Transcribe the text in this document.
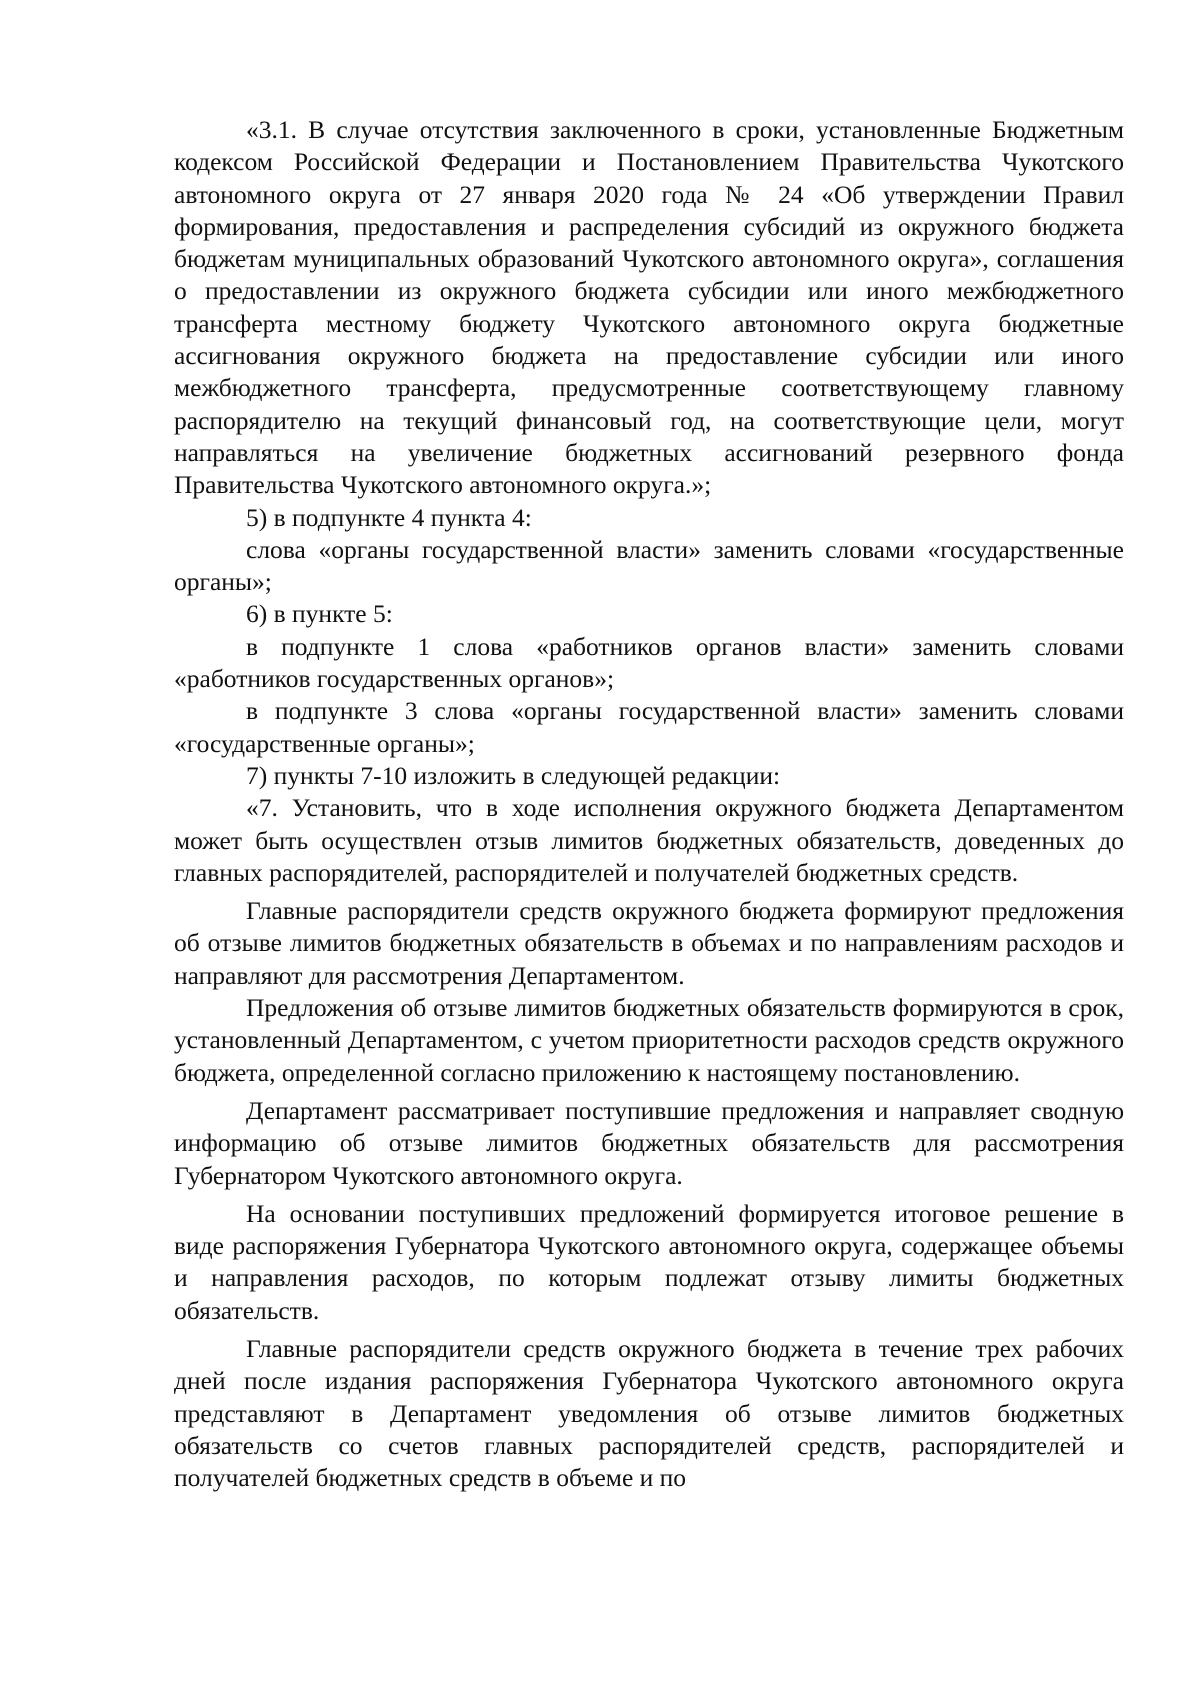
«3.1. В случае отсутствия заключенного в сроки, установленные Бюджетным кодексом Российской Федерации и Постановлением Правительства Чукотского автономного округа от 27 января 2020 года № 24 «Об утверждении Правил формирования, предоставления и распределения субсидий из окружного бюджета бюджетам муниципальных образований Чукотского автономного округа», соглашения о предоставлении из окружного бюджета субсидии или иного межбюджетного трансферта местному бюджету Чукотского автономного округа бюджетные ассигнования окружного бюджета на предоставление субсидии или иного межбюджетного трансферта, предусмотренные соответствующему главному распорядителю на текущий финансовый год, на соответствующие цели, могут направляться на увеличение бюджетных ассигнований резервного фонда Правительства Чукотского автономного округа.»;

5) в подпункте 4 пункта 4:

слова «органы государственной власти» заменить словами «государственные органы»;

6) в пункте 5:

в подпункте 1 слова «работников органов власти» заменить словами «работников государственных органов»;

в подпункте 3 слова «органы государственной власти» заменить словами «государственные органы»;

7) пункты 7-10 изложить в следующей редакции:

«7. Установить, что в ходе исполнения окружного бюджета Департаментом может быть осуществлен отзыв лимитов бюджетных обязательств, доведенных до главных распорядителей, распорядителей и получателей бюджетных средств.

Главные распорядители средств окружного бюджета формируют предложения об отзыве лимитов бюджетных обязательств в объемах и по направлениям расходов и направляют для рассмотрения Департаментом.

Предложения об отзыве лимитов бюджетных обязательств формируются в срок, установленный Департаментом, с учетом приоритетности расходов средств окружного бюджета, определенной согласно приложению к настоящему постановлению.

Департамент рассматривает поступившие предложения и направляет сводную информацию об отзыве лимитов бюджетных обязательств для рассмотрения Губернатором Чукотского автономного округа.

На основании поступивших предложений формируется итоговое решение в виде распоряжения Губернатора Чукотского автономного округа, содержащее объемы и направления расходов, по которым подлежат отзыву лимиты бюджетных обязательств.

Главные распорядители средств окружного бюджета в течение трех рабочих дней после издания распоряжения Губернатора Чукотского автономного округа представляют в Департамент уведомления об отзыве лимитов бюджетных обязательств со счетов главных распорядителей средств, распорядителей и получателей бюджетных средств в объеме и по
